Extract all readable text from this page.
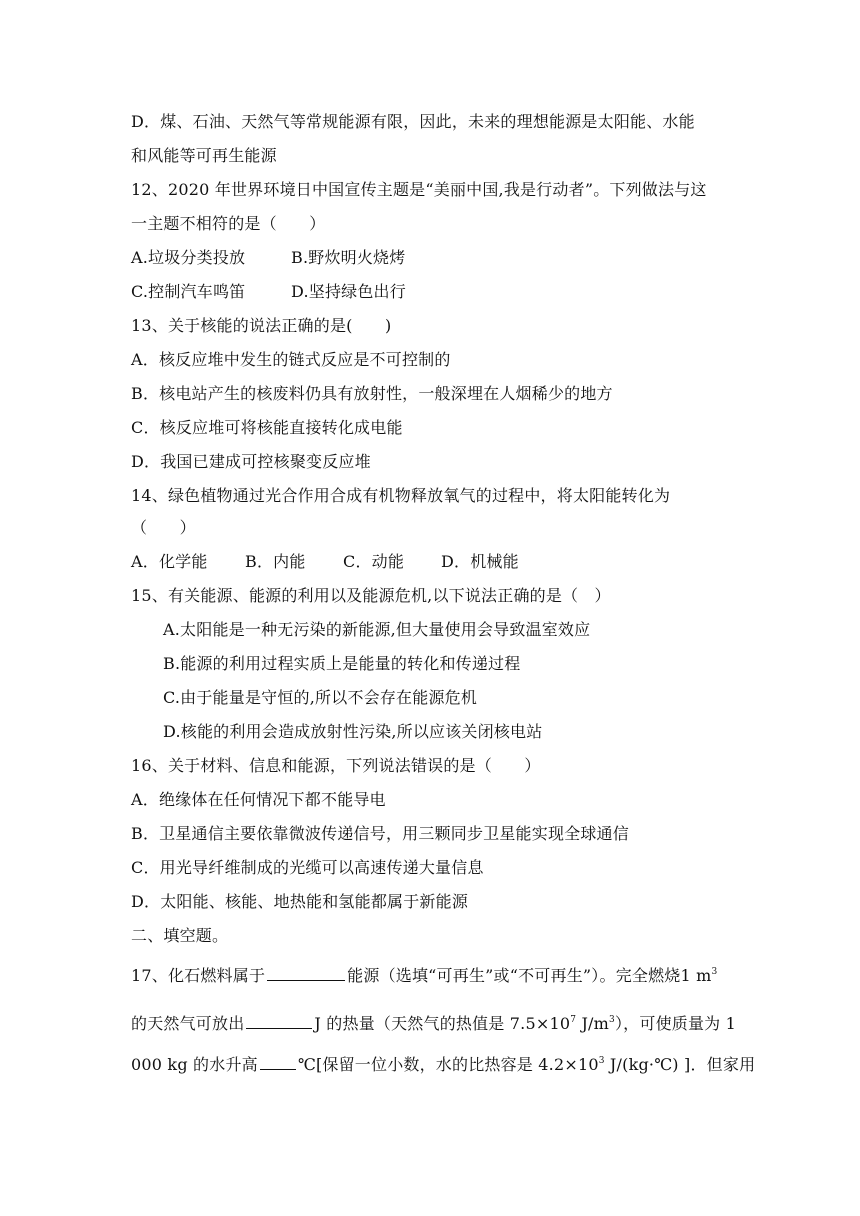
D．煤、石油、天然气等常规能源有限，因此，未来的理想能源是太阳能、水能
和风能等可再生能源
12、2020 年世界环境日中国宣传主题是“美丽中国,我是行动者”。下列做法与这
一主题不相符的是（　　）
A.垃圾分类投放	B.野炊明火烧烤
C.控制汽车鸣笛	D.坚持绿色出行
13、关于核能的说法正确的是(　　)
A．核反应堆中发生的链式反应是不可控制的
B．核电站产生的核废料仍具有放射性，一般深埋在人烟稀少的地方
C．核反应堆可将核能直接转化成电能
D．我国已建成可控核聚变反应堆
14、绿色植物通过光合作用合成有机物释放氧气的过程中，将太阳能转化为
（　　）
A．化学能 B．内能 C．动能 D．机械能
15、有关能源、能源的利用以及能源危机,以下说法正确的是（　）
A.太阳能是一种无污染的新能源,但大量使用会导致温室效应
B.能源的利用过程实质上是能量的转化和传递过程
C.由于能量是守恒的,所以不会存在能源危机
D.核能的利用会造成放射性污染,所以应该关闭核电站
16、关于材料、信息和能源，下列说法错误的是（　　）
A．绝缘体在任何情况下都不能导电
B．卫星通信主要依靠微波传递信号，用三颗同步卫星能实现全球通信
C．用光导纤维制成的光缆可以高速传递大量信息
D．太阳能、核能、地热能和氢能都属于新能源
二、填空题。
17、化石燃料属于	能源（选填“可再生”或“不可再生”）。完全燃烧1 $m^3$
的天然气可放出	J 的热量（天然气的热值是 $7.5\times 10^7$ $J/m^3$），可使质量为 1
000 kg 的水升高	℃[保留一位小数，水的比热容是 $4.2\times 10^3$ J/(kg·℃) ]．但家用
